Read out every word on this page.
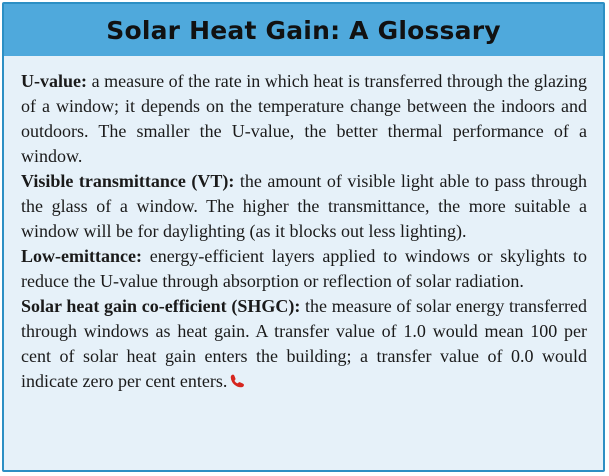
Solar Heat Gain: A Glossary

U-value: a measure of the rate in which heat is transferred through the glazing of a window; it depends on the temperature change between the indoors and outdoors. The smaller the U-value, the better thermal performance of a window.

Visible transmittance (VT): the amount of visible light able to pass through the glass of a window. The higher the transmittance, the more suitable a window will be for daylighting (as it blocks out less lighting).

Low-emittance: energy-efficient layers applied to windows or skylights to reduce the U-value through absorption or reflection of solar radiation.

Solar heat gain co-efficient (SHGC): the measure of solar energy transferred through windows as heat gain. A transfer value of 1.0 would mean 100 per cent of solar heat gain enters the building; a transfer value of 0.0 would indicate zero per cent enters.
